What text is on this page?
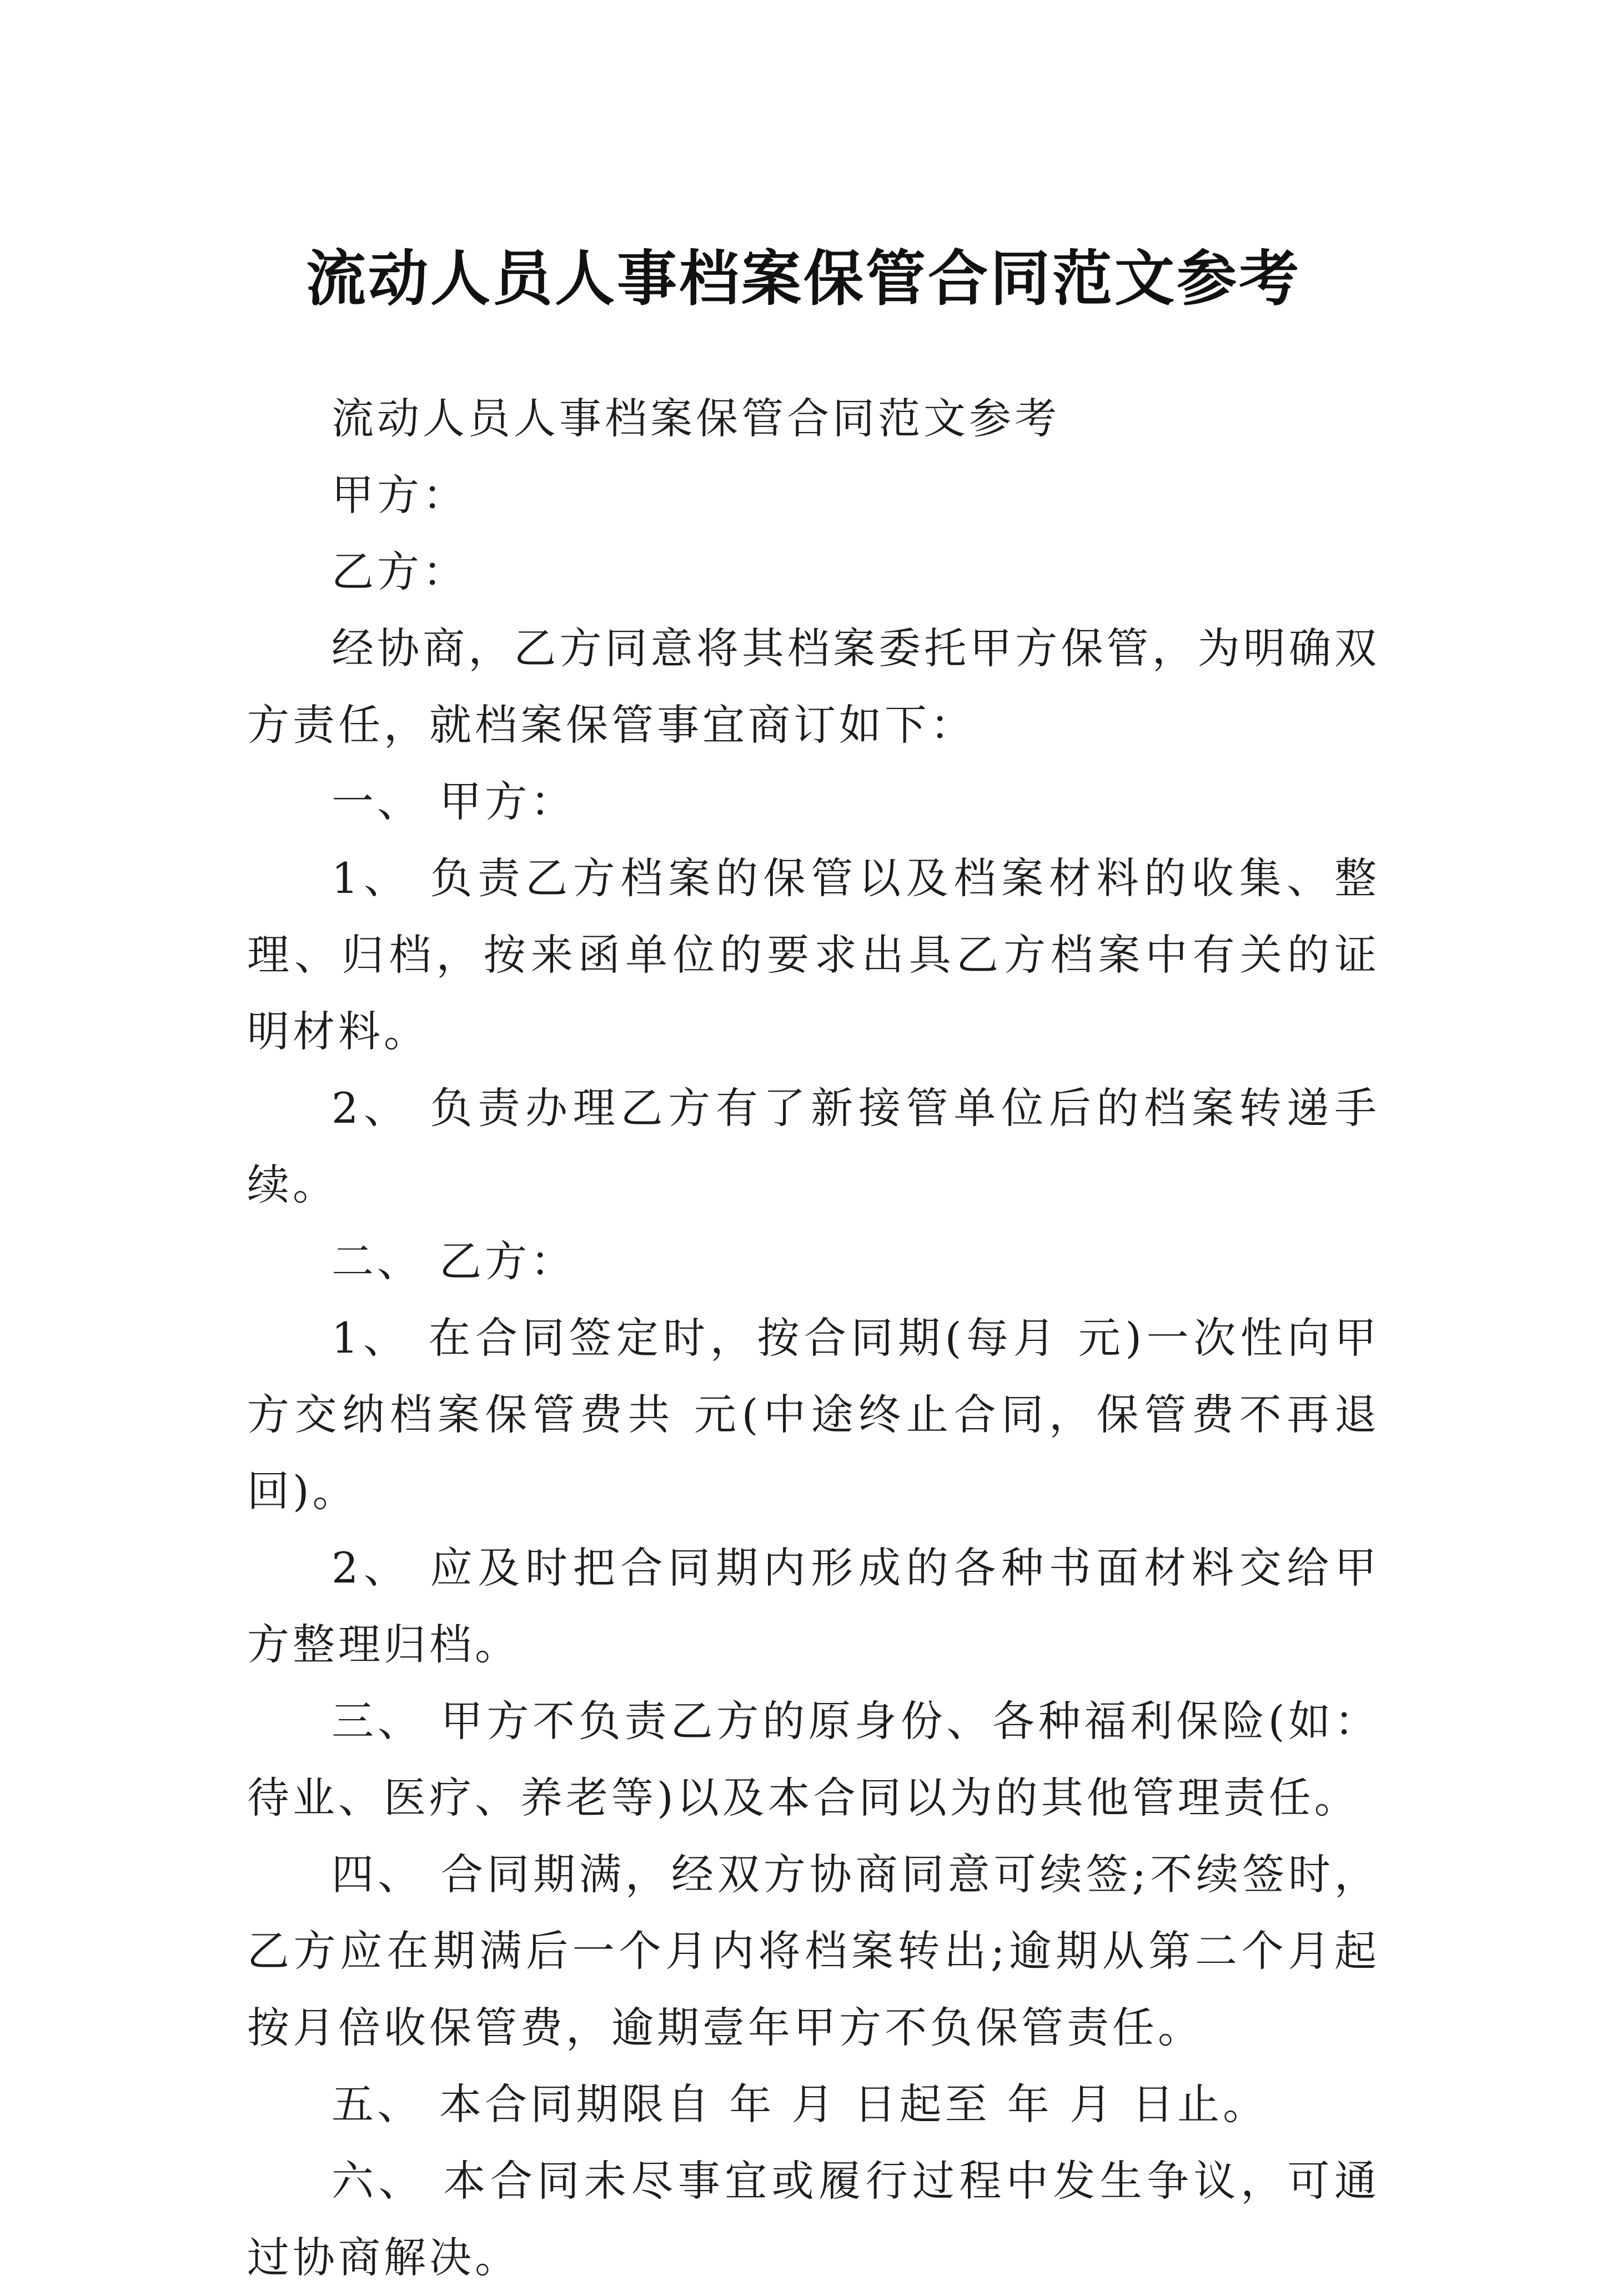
流动人员人事档案保管合同范文参考

流动人员人事档案保管合同范文参考

甲方：

乙方：

经协商，乙方同意将其档案委托甲方保管，为明确双方责任，就档案保管事宜商订如下：

一、 甲方：

1、 负责乙方档案的保管以及档案材料的收集、整理、归档，按来函单位的要求出具乙方档案中有关的证明材料。

2、 负责办理乙方有了新接管单位后的档案转递手续。

二、 乙方：

1、 在合同签定时，按合同期(每月 元)一次性向甲方交纳档案保管费共 元(中途终止合同，保管费不再退回)。

2、 应及时把合同期内形成的各种书面材料交给甲方整理归档。

三、 甲方不负责乙方的原身份、各种福利保险(如：待业、医疗、养老等)以及本合同以为的其他管理责任。

四、 合同期满，经双方协商同意可续签;不续签时，乙方应在期满后一个月内将档案转出;逾期从第二个月起按月倍收保管费，逾期壹年甲方不负保管责任。

五、 本合同期限自 年 月 日起至 年 月 日止。

六、 本合同未尽事宜或履行过程中发生争议，可通过协商解决。
